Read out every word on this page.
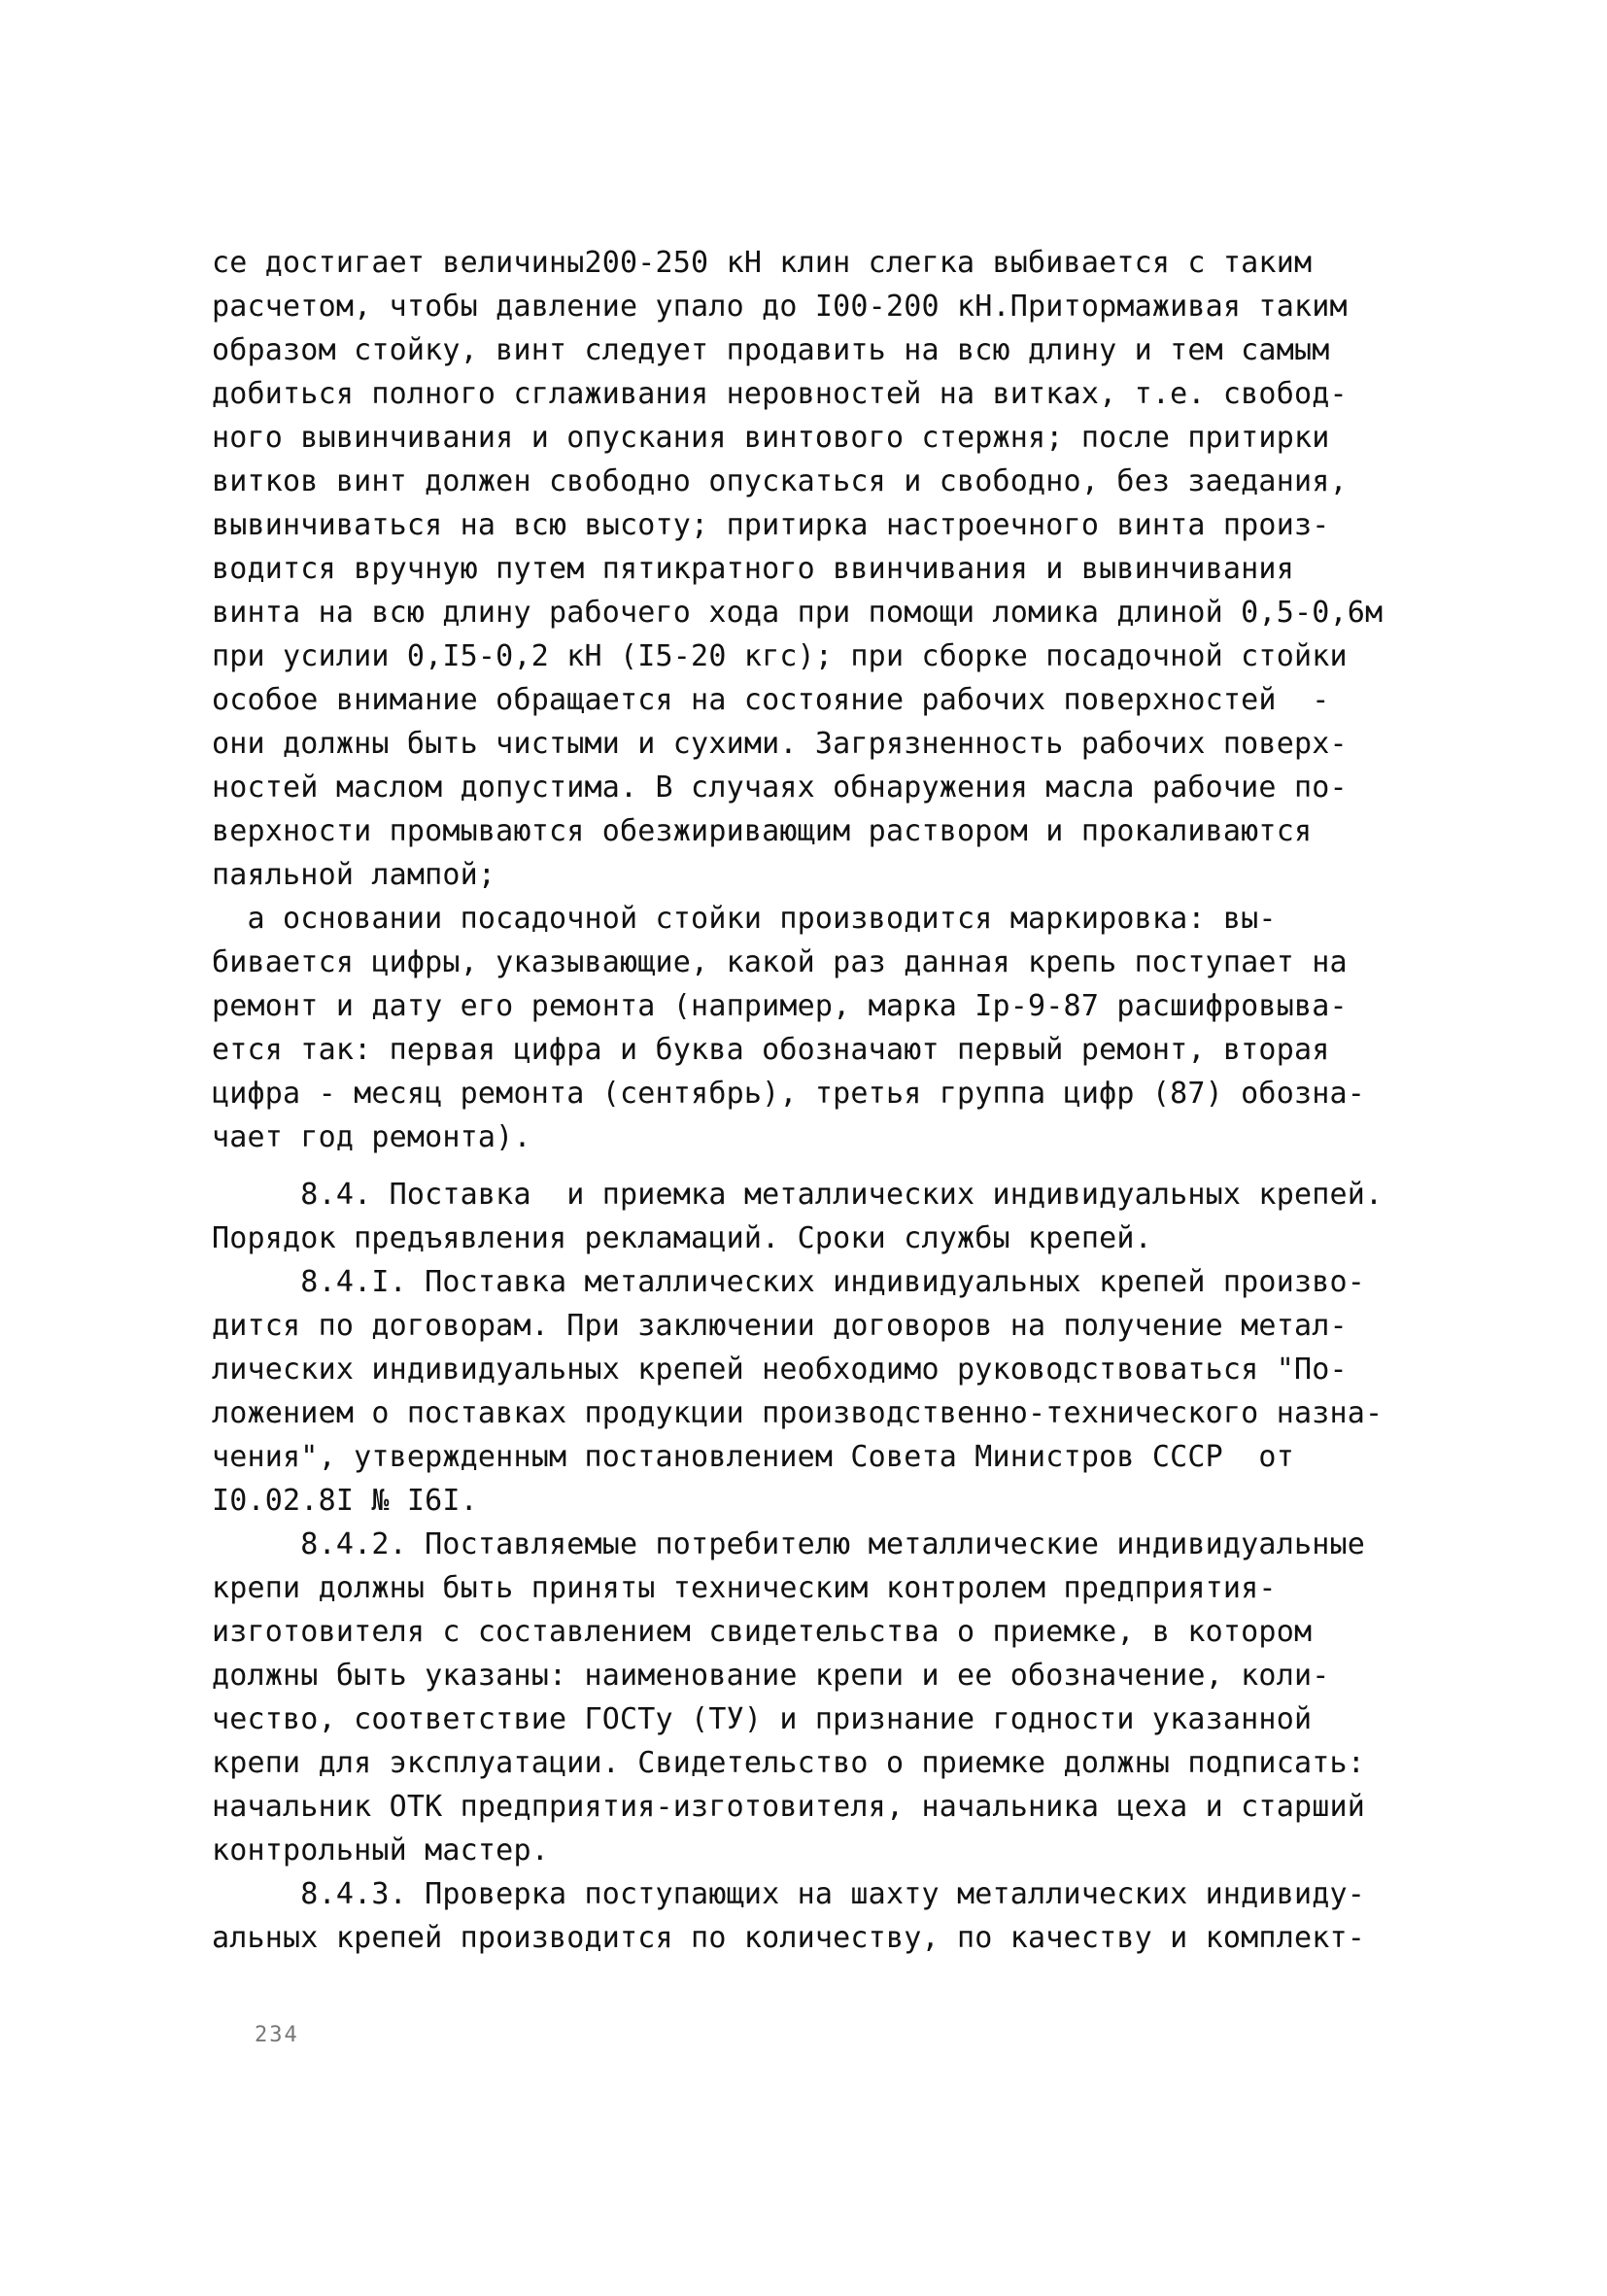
се достигает величины200-250 кН клин слегка выбивается с таким
расчетом, чтобы давление упало до I00-200 кН.Притормаживая таким
образом стойку, винт следует продавить на всю длину и тем самым
добиться полного сглаживания неровностей на витках, т.е. свобод-
ного вывинчивания и опускания винтового стержня; после притирки
витков винт должен свободно опускаться и свободно, без заедания,
вывинчиваться на всю высоту; притирка настроечного винта произ-
водится вручную путем пятикратного ввинчивания и вывинчивания
винта на всю длину рабочего хода при помощи ломика длиной 0,5-0,6м
при усилии 0,I5-0,2 кН (I5-20 кгс); при сборке посадочной стойки
особое внимание обращается на состояние рабочих поверхностей  -
они должны быть чистыми и сухими. Загрязненность рабочих поверх-
ностей маслом допустима. В случаях обнаружения масла рабочие по-
верхности промываются обезжиривающим раствором и прокаливаются
паяльной лампой;
а основании посадочной стойки производится маркировка: вы-
бивается цифры, указывающие, какой раз данная крепь поступает на
ремонт и дату его ремонта (например, марка Iр-9-87 расшифровыва-
ется так: первая цифра и буква обозначают первый ремонт, вторая
цифра - месяц ремонта (сентябрь), третья группа цифр (87) обозна-
чает год ремонта).
8.4. Поставка  и приемка металлических индивидуальных крепей.
Порядок предъявления рекламаций. Сроки службы крепей.
8.4.I. Поставка металлических индивидуальных крепей произво-
дится по договорам. При заключении договоров на получение метал-
лических индивидуальных крепей необходимо руководствоваться "По-
ложением о поставках продукции производственно-технического назна-
чения", утвержденным постановлением Совета Министров СССР  от
I0.02.8I № I6I.
8.4.2. Поставляемые потребителю металлические индивидуальные
крепи должны быть приняты техническим контролем предприятия-
изготовителя с составлением свидетельства о приемке, в котором
должны быть указаны: наименование крепи и ее обозначение, коли-
чество, соответствие ГОСТу (ТУ) и признание годности указанной
крепи для эксплуатации. Свидетельство о приемке должны подписать:
начальник ОТК предприятия-изготовителя, начальника цеха и старший
контрольный мастер.
8.4.3. Проверка поступающих на шахту металлических индивиду-
альных крепей производится по количеству, по качеству и комплект-
234
